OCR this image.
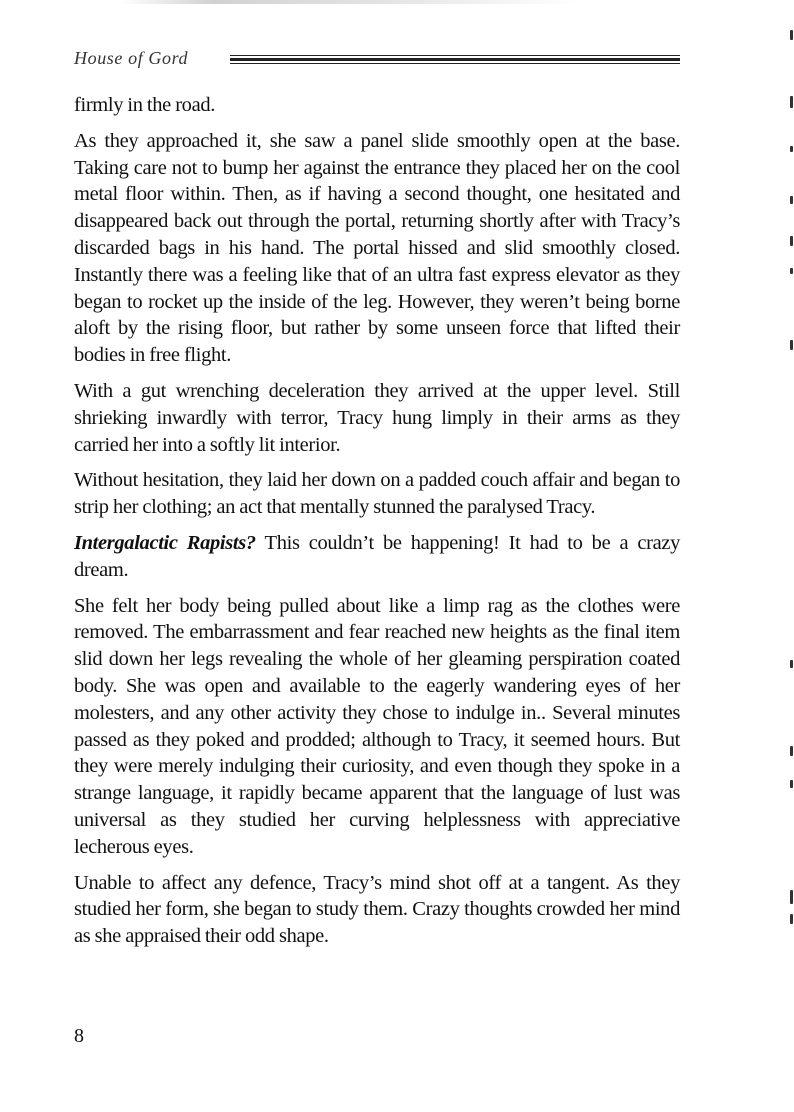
House of Gord

firmly in the road.

As they approached it, she saw a panel slide smoothly open at the base. Taking care not to bump her against the entrance they placed her on the cool metal floor within. Then, as if having a second thought, one hesitated and disappeared back out through the portal, returning shortly after with Tracy’s discarded bags in his hand. The portal hissed and slid smoothly closed. Instantly there was a feeling like that of an ultra fast express elevator as they began to rocket up the inside of the leg. However, they weren’t being borne aloft by the rising floor, but rather by some unseen force that lifted their bodies in free flight.

With a gut wrenching deceleration they arrived at the upper level. Still shrieking inwardly with terror, Tracy hung limply in their arms as they carried her into a softly lit interior.

Without hesitation, they laid her down on a padded couch affair and began to strip her clothing; an act that mentally stunned the paralysed Tracy.

Intergalactic Rapists? This couldn’t be happening! It had to be a crazy dream.

She felt her body being pulled about like a limp rag as the clothes were removed. The embarrassment and fear reached new heights as the final item slid down her legs revealing the whole of her gleaming perspiration coated body. She was open and available to the eagerly wandering eyes of her molesters, and any other activity they chose to indulge in.. Several minutes passed as they poked and prodded; although to Tracy, it seemed hours. But they were merely indulging their curiosity, and even though they spoke in a strange language, it rapidly became apparent that the language of lust was universal as they studied her curving helplessness with appreciative lecherous eyes.

Unable to affect any defence, Tracy’s mind shot off at a tangent. As they studied her form, she began to study them. Crazy thoughts crowded her mind as she appraised their odd shape.

8
